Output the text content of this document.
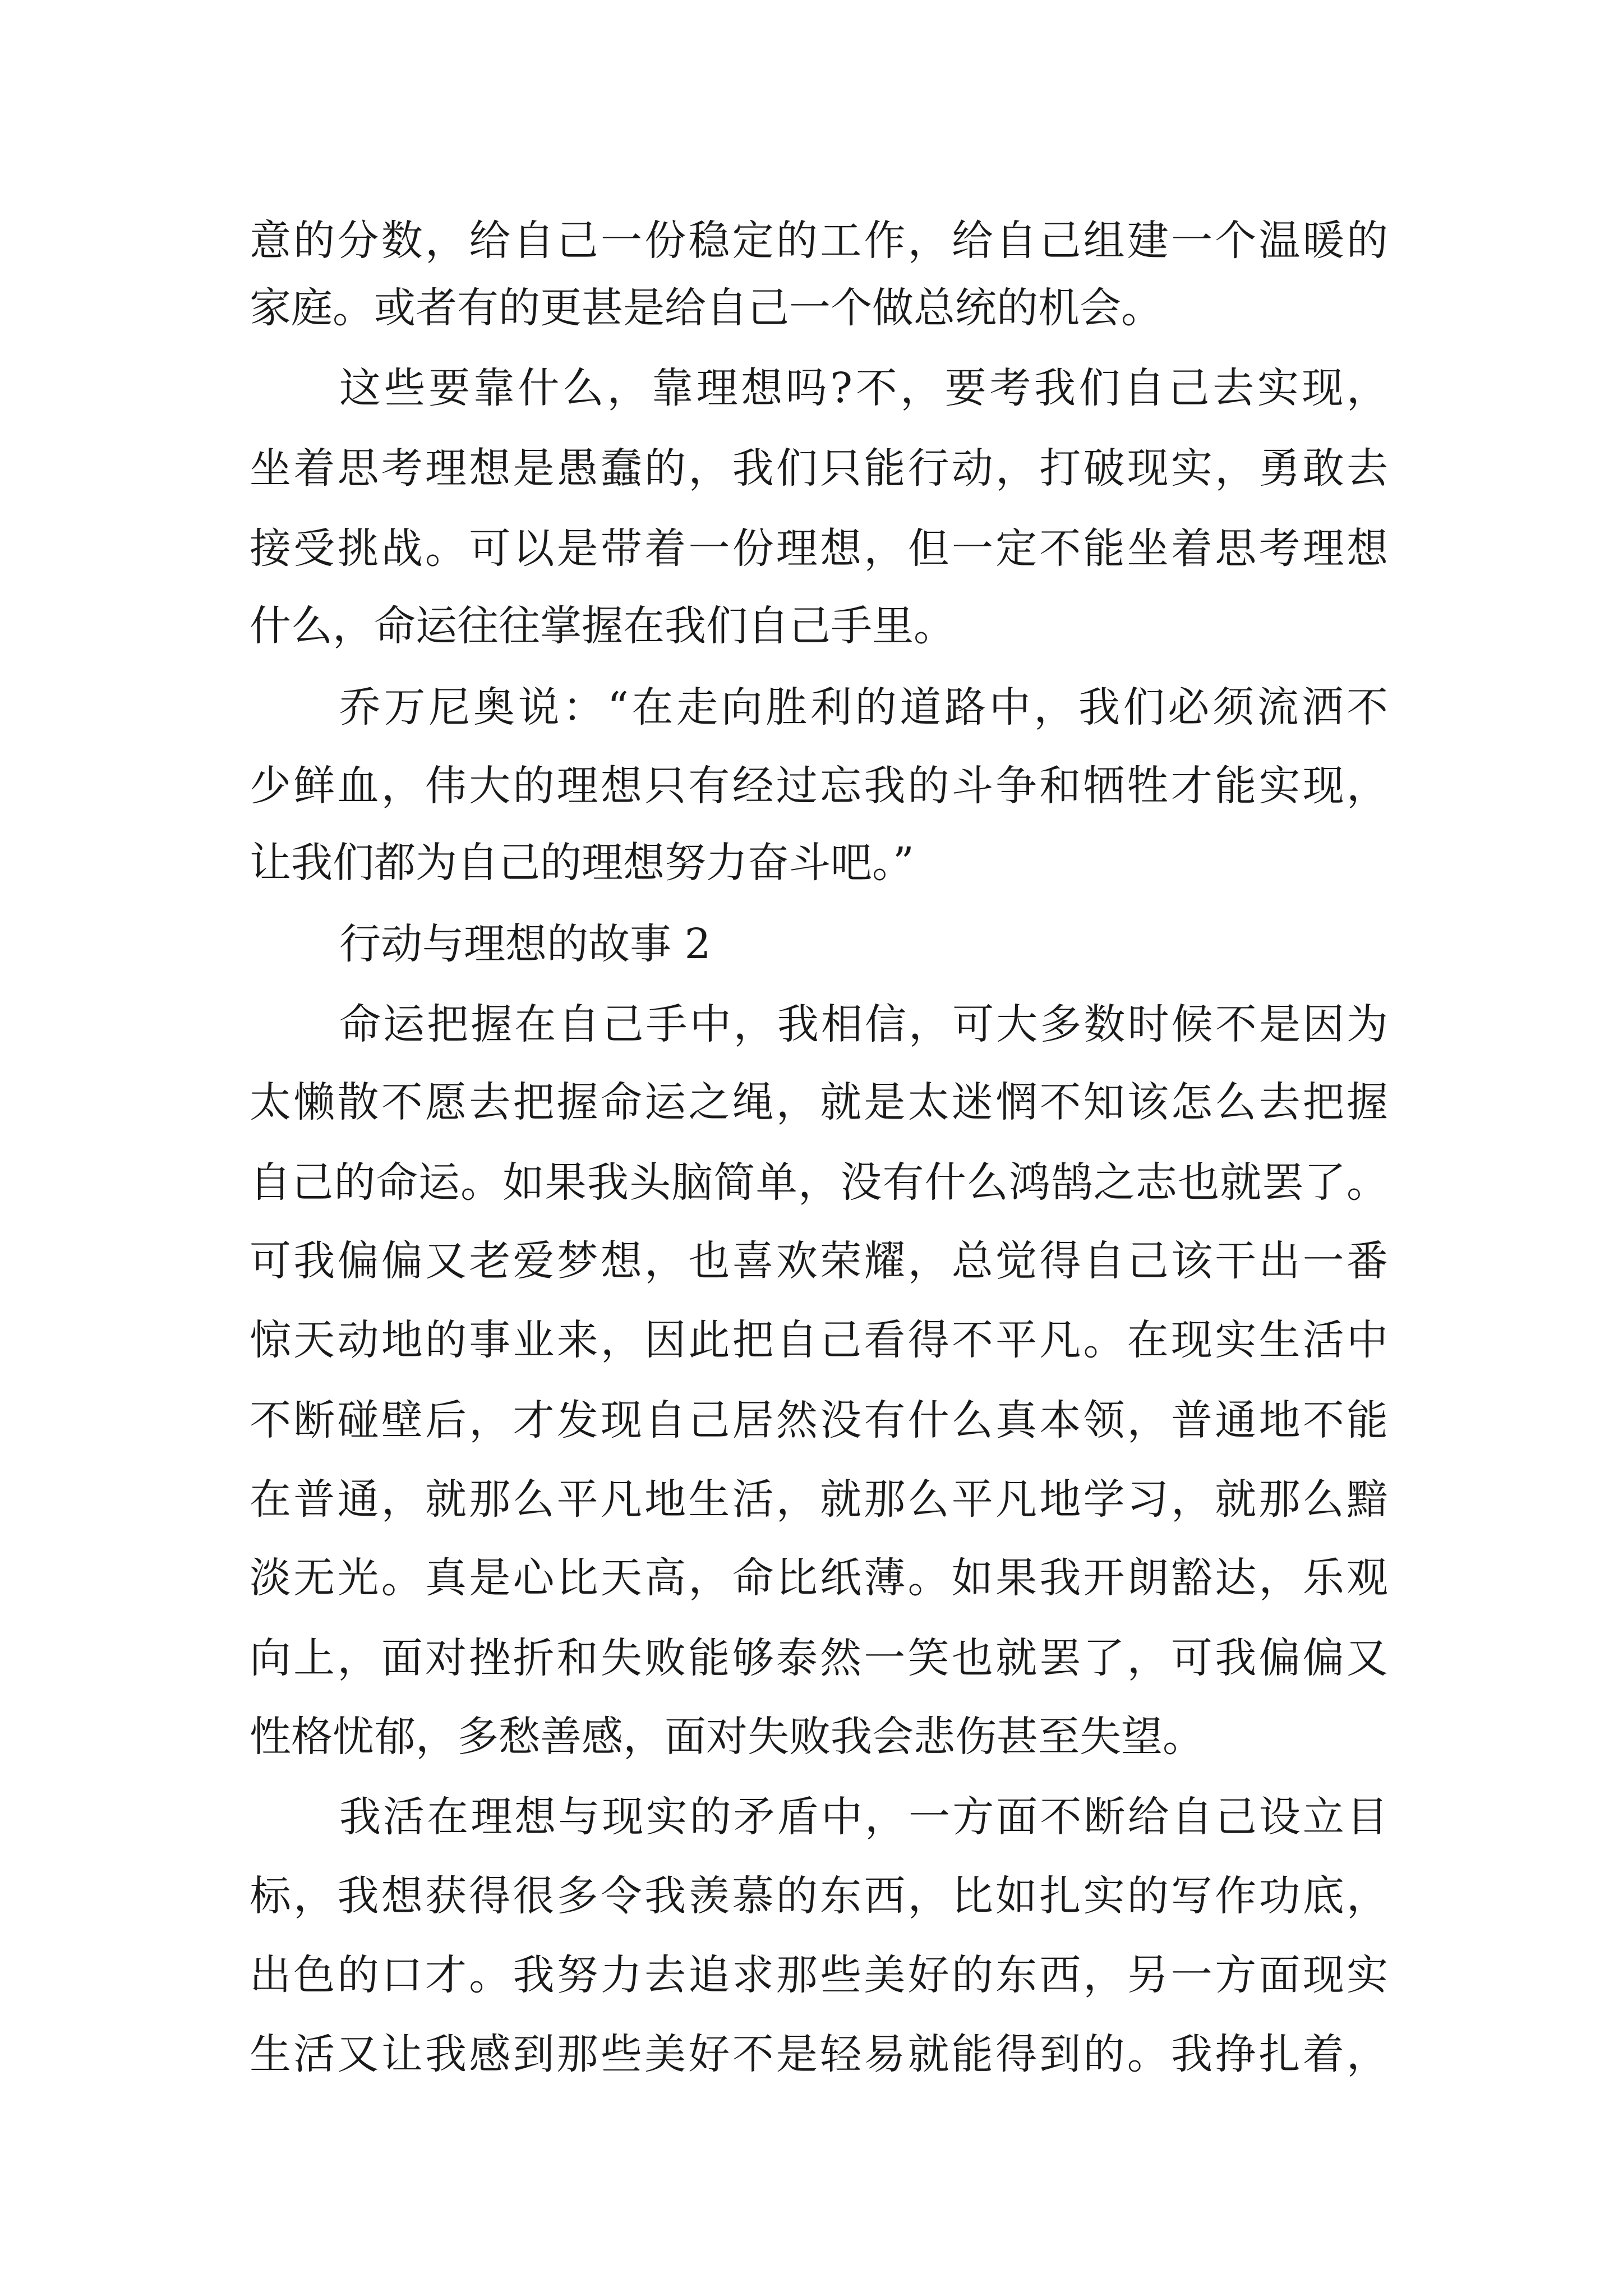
意的分数，给自己一份稳定的工作，给自己组建一个温暖的

家庭。或者有的更甚是给自己一个做总统的机会。

这些要靠什么，靠理想吗?不，要考我们自己去实现，

坐着思考理想是愚蠢的，我们只能行动，打破现实，勇敢去

接受挑战。可以是带着一份理想，但一定不能坐着思考理想

什么，命运往往掌握在我们自己手里。

乔万尼奥说：“在走向胜利的道路中，我们必须流洒不

少鲜血，伟大的理想只有经过忘我的斗争和牺牲才能实现，

让我们都为自己的理想努力奋斗吧。”

行动与理想的故事 2

命运把握在自己手中，我相信，可大多数时候不是因为

太懒散不愿去把握命运之绳，就是太迷惘不知该怎么去把握

自己的命运。如果我头脑简单，没有什么鸿鹄之志也就罢了。

可我偏偏又老爱梦想，也喜欢荣耀，总觉得自己该干出一番

惊天动地的事业来，因此把自己看得不平凡。在现实生活中

不断碰壁后，才发现自己居然没有什么真本领，普通地不能

在普通，就那么平凡地生活，就那么平凡地学习，就那么黯

淡无光。真是心比天高，命比纸薄。如果我开朗豁达，乐观

向上，面对挫折和失败能够泰然一笑也就罢了，可我偏偏又

性格忧郁，多愁善感，面对失败我会悲伤甚至失望。

我活在理想与现实的矛盾中，一方面不断给自己设立目

标，我想获得很多令我羡慕的东西，比如扎实的写作功底，

出色的口才。我努力去追求那些美好的东西，另一方面现实

生活又让我感到那些美好不是轻易就能得到的。我挣扎着，
